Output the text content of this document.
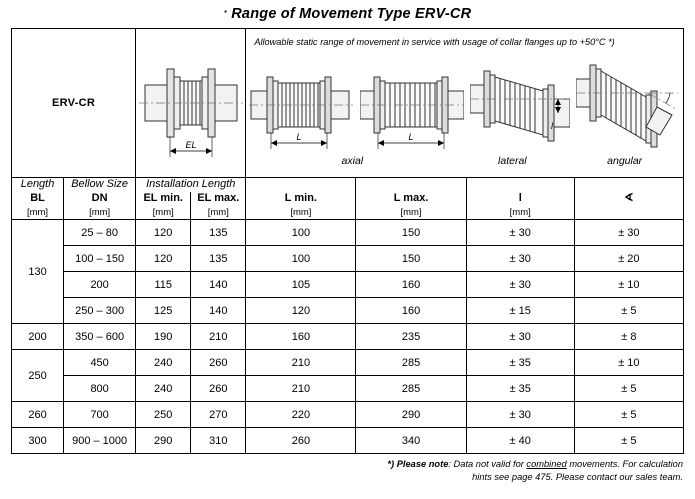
· Range of Movement Type ERV-CR
ERV-CR	
EL

Allowable static range of movement in service with usage of collar flanges up to +50°C *)
L	L
l
axial	lateral	angular

Length	Bellow Size	Installation Length					
BL	DN	EL min.	EL max.	L min.	L max.	l	∢
[mm]	[mm]	[mm]	[mm]	[mm]	[mm]	[mm]	
130	25 – 80	120	135	100	150	± 30	± 30
	100 – 150	120	135	100	150	± 30	± 20
	200	115	140	105	160	± 30	± 10
	250 – 300	125	140	120	160	± 15	± 5
200	350 – 600	190	210	160	235	± 30	± 8
250	450	240	260	210	285	± 35	± 10
	800	240	260	210	285	± 35	± 5
260	700	250	270	220	290	± 30	± 5
300	900 – 1000	290	310	260	340	± 40	± 5
*) Please note: Data not valid for combined movements. For calculation
hints see page 475. Please contact our sales team.
